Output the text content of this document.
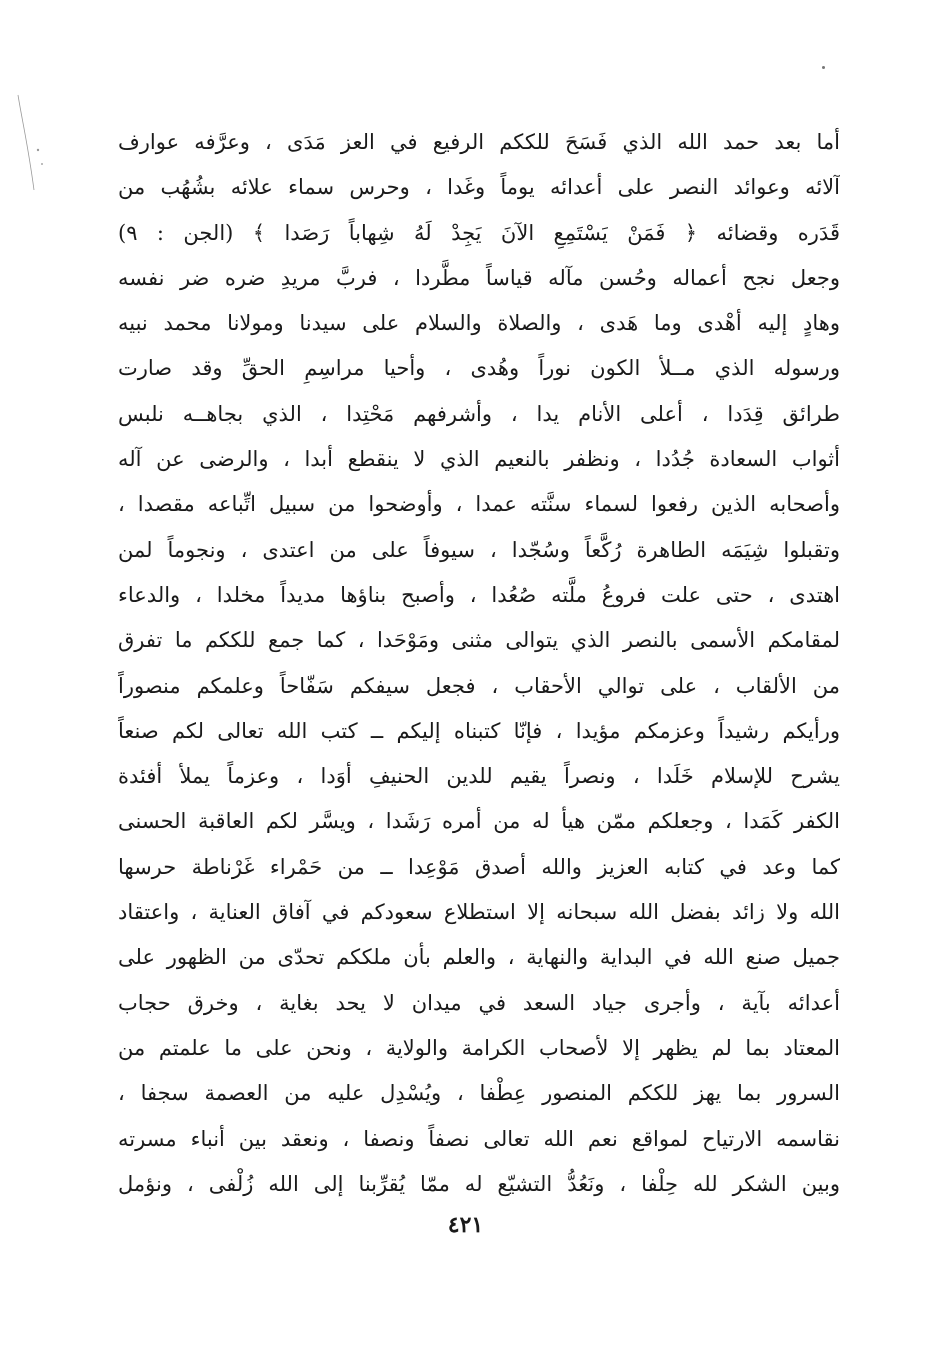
أما بعد حمد الله الذي فَسَحَ للككم الرفيع في العز مَدَى ، وعرَّفه عوارف
آلائه وعوائد النصر على أعدائه يوماً وغَدا ، وحرس سماء علائه بشُهُب من
قَدَره وقضائه ﴿ فَمَنْ يَسْتَمِعِ الآنَ يَجِدْ لَهُ شِهاباً رَصَدا ﴾ (الجن : ٩)
وجعل نجح أعماله وحُسن مآله قياساً مطَّردا ، فربَّ مريدِ ضره ضر نفسه
وهادٍ إليه أهْدى وما هَدى ، والصلاة والسلام على سيدنا ومولانا محمد نبيه
ورسوله الذي مــلأ الكون نوراً وهُدى ، وأحيا مراسِمِ الحقِّ وقد صارت
طرائق قِدَدا ، أعلى الأنام يدا ، وأشرفهم مَحْتِدا ، الذي بجاهــه نلبس
أثواب السعادة جُدُدا ، ونظفر بالنعيم الذي لا ينقطع أبدا ، والرضى عن آله
وأصحابه الذين رفعوا لسماء سنَّته عمدا ، وأوضحوا من سبيل اتِّباعه مقصدا ،
وتقبلوا شِيَمَه الطاهرة رُكَّعاً وسُجّدا ، سيوفاً على من اعتدى ، ونجوماً لمن
اهتدى ، حتى علت فروعُ ملَّته صُعُدا ، وأصبح بناؤها مديداً مخلدا ، والدعاء
لمقامكم الأسمى بالنصر الذي يتوالى مثنى ومَوْحَدا ، كما جمع للككم ما تفرق
من الألقاب ، على توالي الأحقاب ، فجعل سيفكم سَفّاحاً وعلمكم منصوراً
ورأيكم رشيداً وعزمكم مؤيدا ، فإنّا كتبناه إليكم ــ كتب الله تعالى لكم صنعاً
يشرح للإسلام خَلَدا ، ونصراً يقيم للدين الحنيفِ أوَدا ، وعزماً يملأ أفئدة
الكفر كَمَدا ، وجعلكم ممّن هيأ له من أمره رَشَدا ، ويسَّر لكم العاقبة الحسنى
كما وعد في كتابه العزيز والله أصدق مَوْعِدا ــ من حَمْراء غَرْناطة حرسها
الله ولا زائد بفضل الله سبحانه إلا استطلاع سعودكم في آفاق العناية ، واعتقاد
جميل صنع الله في البداية والنهاية ، والعلم بأن ملككم تحدّى من الظهور على
أعدائه بآية ، وأجرى جياد السعد في ميدان لا يحد بغاية ، وخرق حجاب
المعتاد بما لم يظهر إلا لأصحاب الكرامة والولاية ، ونحن على ما علمتم من
السرور بما يهز للككم المنصور عِطْفا ، ويُسْدِل عليه من العصمة سجفا ،
نقاسمه الارتياح لمواقع نعم الله تعالى نصفاً ونصفا ، ونعقد بين أنباء مسرته
وبين الشكر لله حِلْفا ، ونَعُدُّ التشيّع له ممّا يُقرِّبنا إلى الله زُلْفى ، ونؤمل
٤٢١
